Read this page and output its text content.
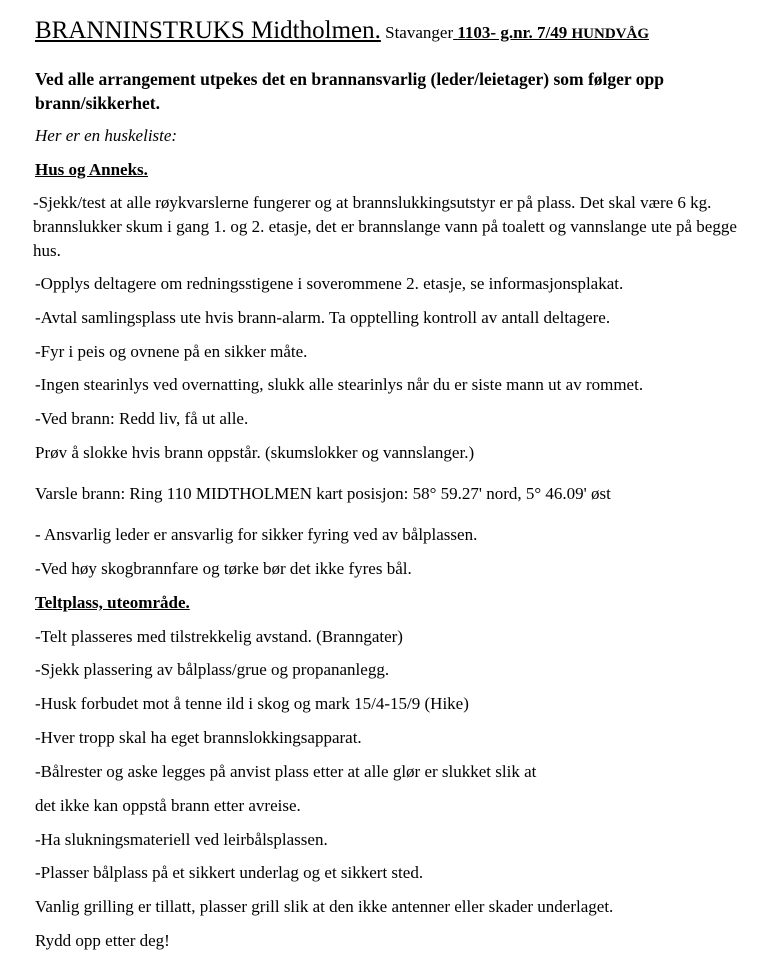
BRANNINSTRUKS Midtholmen. Stavanger 1103- g.nr. 7/49 HUNDVÅG
Ved alle arrangement utpekes det en brannansvarlig (leder/leietager) som følger opp brann/sikkerhet.
Her er en huskeliste:
Hus og Anneks.
-Sjekk/test at alle røykvarslerne fungerer og at brannslukkingsutstyr er på plass. Det skal være 6 kg. brannslukker skum i gang 1. og 2. etasje, det er brannslange vann på toalett og vannslange ute på begge hus.
-Opplys deltagere om redningsstigene i soverommene 2. etasje, se informasjonsplakat.
-Avtal samlingsplass ute hvis brann-alarm. Ta opptelling kontroll av antall deltagere.
-Fyr i peis og ovnene på en sikker måte.
-Ingen stearinlys ved overnatting, slukk alle stearinlys når du er siste mann ut av rommet.
-Ved brann: Redd liv, få ut alle.
Prøv å slokke hvis brann oppstår. (skumslokker og vannslanger.)
Varsle brann: Ring 110 MIDTHOLMEN kart posisjon: 58° 59.27' nord, 5° 46.09' øst
- Ansvarlig leder er ansvarlig for sikker fyring ved av bålplassen.
-Ved høy skogbrannfare og tørke bør det ikke fyres bål.
Teltplass, uteområde.
-Telt plasseres med tilstrekkelig avstand. (Branngater)
-Sjekk plassering av bålplass/grue og propananlegg.
-Husk forbudet mot å tenne ild i skog og mark 15/4-15/9 (Hike)
-Hver tropp skal ha eget brannslokkingsapparat.
-Bålrester og aske legges på anvist plass etter at alle glør er slukket slik at
det ikke kan oppstå brann etter avreise.
-Ha slukningsmateriell ved leirbålsplassen.
-Plasser bålplass på et sikkert underlag og et sikkert sted.
Vanlig grilling er tillatt, plasser grill slik at den ikke antenner eller skader underlaget.
Rydd opp etter deg!
